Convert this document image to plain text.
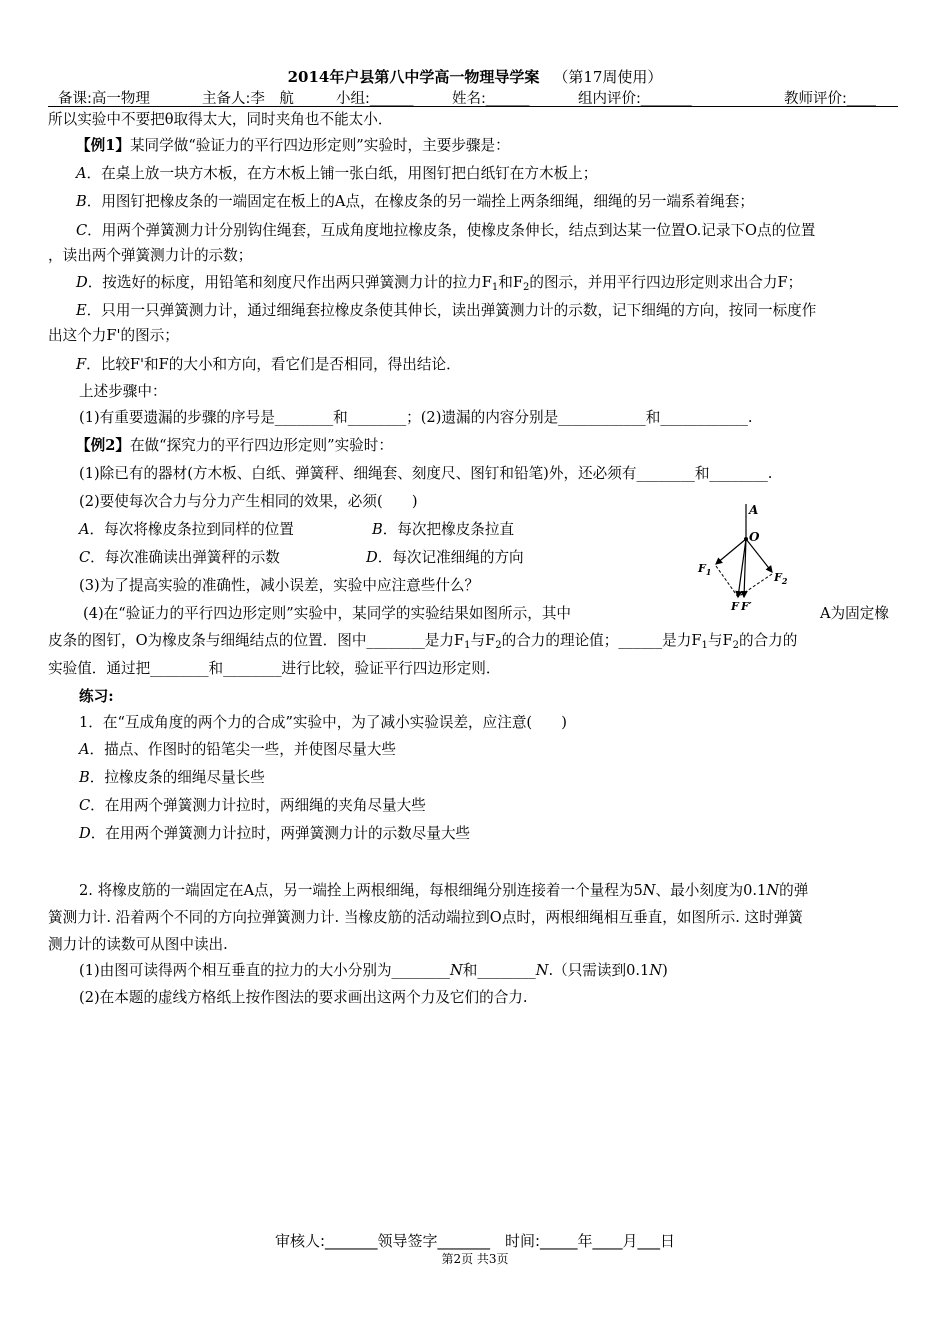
2014年户县第八中学高一物理导学案 （第17周使用）
备课:高一物理	主备人:李　航	小组:______	姓名:______	组内评价:_______	教师评价:____
所以实验中不要把θ取得太大，同时夹角也不能太小．
【例1】某同学做“验证力的平行四边形定则”实验时，主要步骤是：
A．在桌上放一块方木板，在方木板上铺一张白纸，用图钉把白纸钉在方木板上；
B．用图钉把橡皮条的一端固定在板上的A点，在橡皮条的另一端拴上两条细绳，细绳的另一端系着绳套；
C．用两个弹簧测力计分别钩住绳套，互成角度地拉橡皮条，使橡皮条伸长，结点到达某一位置O.记录下O点的位置
，读出两个弹簧测力计的示数；
D．按选好的标度，用铅笔和刻度尺作出两只弹簧测力计的拉力$F_1$和$F_2$的图示，并用平行四边形定则求出合力F；
E．只用一只弹簧测力计，通过细绳套拉橡皮条使其伸长，读出弹簧测力计的示数，记下细绳的方向，按同一标度作
出这个力F'的图示；
F．比较F'和F的大小和方向，看它们是否相同，得出结论．
上述步骤中：
(1)有重要遗漏的步骤的序号是________和________；(2)遗漏的内容分别是____________和____________.
【例2】在做“探究力的平行四边形定则”实验时：
(1)除已有的器材(方木板、白纸、弹簧秤、细绳套、刻度尺、图钉和铅笔)外，还必须有________和________.
(2)要使每次合力与分力产生相同的效果，必须(　　)
A．每次将橡皮条拉到同样的位置	B．每次把橡皮条拉直
C．每次准确读出弹簧秤的示数	D．每次记准细绳的方向
(3)为了提高实验的准确性，减小误差，实验中应注意些什么？
(4)在“验证力的平行四边形定则”实验中，某同学的实验结果如图所示，其中	A为固定橡
皮条的图钉，O为橡皮条与细绳结点的位置．图中________是力$F_1$与$F_2$的合力的理论值；______是力$F_1$与$F_2$的合力的
实验值．通过把________和________进行比较，验证平行四边形定则．
练习:
1．在“互成角度的两个力的合成”实验中，为了减小实验误差，应注意(　　)
A．描点、作图时的铅笔尖一些，并使图尽量大些
B．拉橡皮条的细绳尽量长些
C．在用两个弹簧测力计拉时，两细绳的夹角尽量大些
D．在用两个弹簧测力计拉时，两弹簧测力计的示数尽量大些
2. 将橡皮筋的一端固定在A点，另一端拴上两根细绳，每根细绳分别连接着一个量程为5N、最小刻度为0.1N的弹
簧测力计. 沿着两个不同的方向拉弹簧测力计. 当橡皮筋的活动端拉到O点时，两根细绳相互垂直，如图所示. 这时弹簧
测力计的读数可从图中读出.
(1)由图可读得两个相互垂直的拉力的大小分别为________N和________N.（只需读到0.1N)
(2)在本题的虚线方格纸上按作图法的要求画出这两个力及它们的合力.
A
O
$F_1$	$F_2$
F F′
审核人:_______领导签字_______　时间:_____年____月___日
第2页 共3页
